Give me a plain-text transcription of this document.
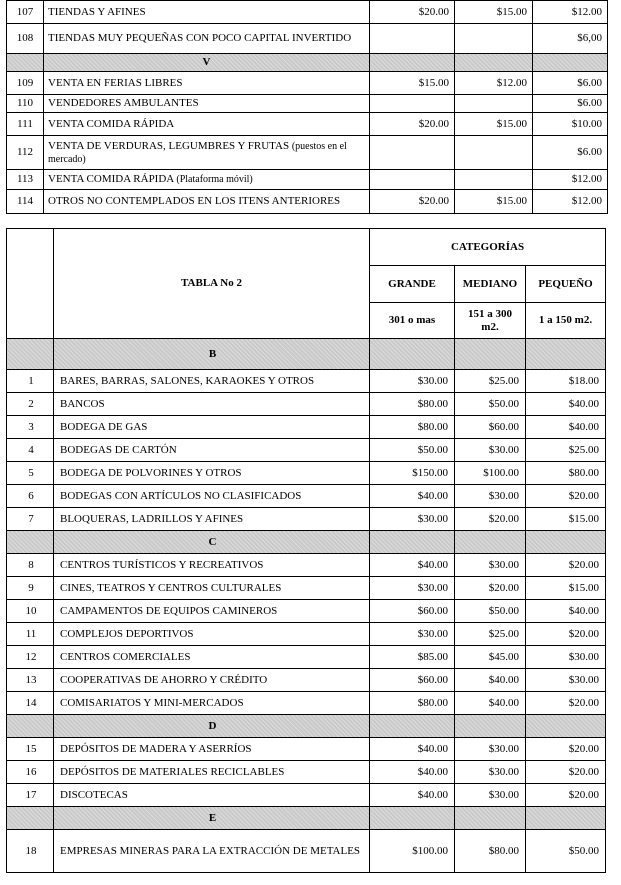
107	TIENDAS Y AFINES	$20.00	$15.00	$12.00
108	TIENDAS MUY PEQUEÑAS CON POCO CAPITAL INVERTIDO			$6,00
	V			
109	VENTA EN FERIAS LIBRES	$15.00	$12.00	$6.00
110	VENDEDORES AMBULANTES			$6.00
111	VENTA COMIDA RÁPIDA	$20.00	$15.00	$10.00
112	VENTA DE VERDURAS, LEGUMBRES Y FRUTAS (puestos en el mercado)			$6.00
113	VENTA COMIDA RÁPIDA (Plataforma móvil)			$12.00
114	OTROS NO CONTEMPLADOS EN LOS ITENS ANTERIORES	$20.00	$15.00	$12.00
	TABLA No 2	CATEGORÍAS		
		GRANDE	MEDIANO	PEQUEÑO
		301 o mas	151 a 300 m2.	1 a 150 m2.
	B			
1	BARES, BARRAS, SALONES, KARAOKES Y OTROS	$30.00	$25.00	$18.00
2	BANCOS	$80.00	$50.00	$40.00
3	BODEGA DE GAS	$80.00	$60.00	$40.00
4	BODEGAS DE CARTÓN	$50.00	$30.00	$25.00
5	BODEGA DE POLVORINES Y OTROS	$150.00	$100.00	$80.00
6	BODEGAS CON ARTÍCULOS NO CLASIFICADOS	$40.00	$30.00	$20.00
7	BLOQUERAS, LADRILLOS Y AFINES	$30.00	$20.00	$15.00
	C			
8	CENTROS TURÍSTICOS Y RECREATIVOS	$40.00	$30.00	$20.00
9	CINES, TEATROS Y CENTROS CULTURALES	$30.00	$20.00	$15.00
10	CAMPAMENTOS DE EQUIPOS CAMINEROS	$60.00	$50.00	$40.00
11	COMPLEJOS DEPORTIVOS	$30.00	$25.00	$20.00
12	CENTROS COMERCIALES	$85.00	$45.00	$30.00
13	COOPERATIVAS DE AHORRO Y CRÉDITO	$60.00	$40.00	$30.00
14	COMISARIATOS Y MINI-MERCADOS	$80.00	$40.00	$20.00
	D			
15	DEPÓSITOS DE MADERA Y ASERRÍOS	$40.00	$30.00	$20.00
16	DEPÓSITOS DE MATERIALES RECICLABLES	$40.00	$30.00	$20.00
17	DISCOTECAS	$40.00	$30.00	$20.00
	E			
18	EMPRESAS MINERAS PARA LA EXTRACCIÓN DE METALES	$100.00	$80.00	$50.00
